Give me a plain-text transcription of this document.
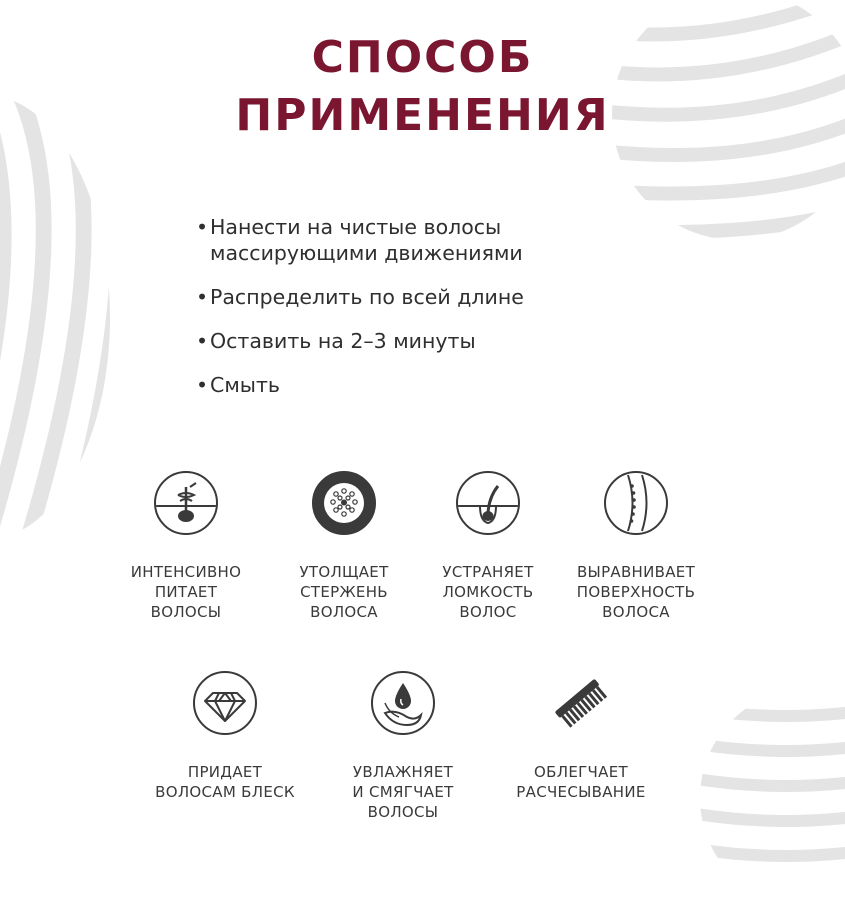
СПОСОБ
ПРИМЕНЕНИЯ
• Нанести на чистые волосы
массирующими движениями
• Распределить по всей длине
• Оставить на 2–3 минуты
• Смыть
ИНТЕНСИВНО
ПИТАЕТ
ВОЛОСЫ
УТОЛЩАЕТ
СТЕРЖЕНЬ
ВОЛОСА
УСТРАНЯЕТ
ЛОМКОСТЬ
ВОЛОС
ВЫРАВНИВАЕТ
ПОВЕРХНОСТЬ
ВОЛОСА
ПРИДАЕТ
ВОЛОСАМ БЛЕСК
УВЛАЖНЯЕТ
И СМЯГЧАЕТ
ВОЛОСЫ
ОБЛЕГЧАЕТ
РАСЧЕСЫВАНИЕ
